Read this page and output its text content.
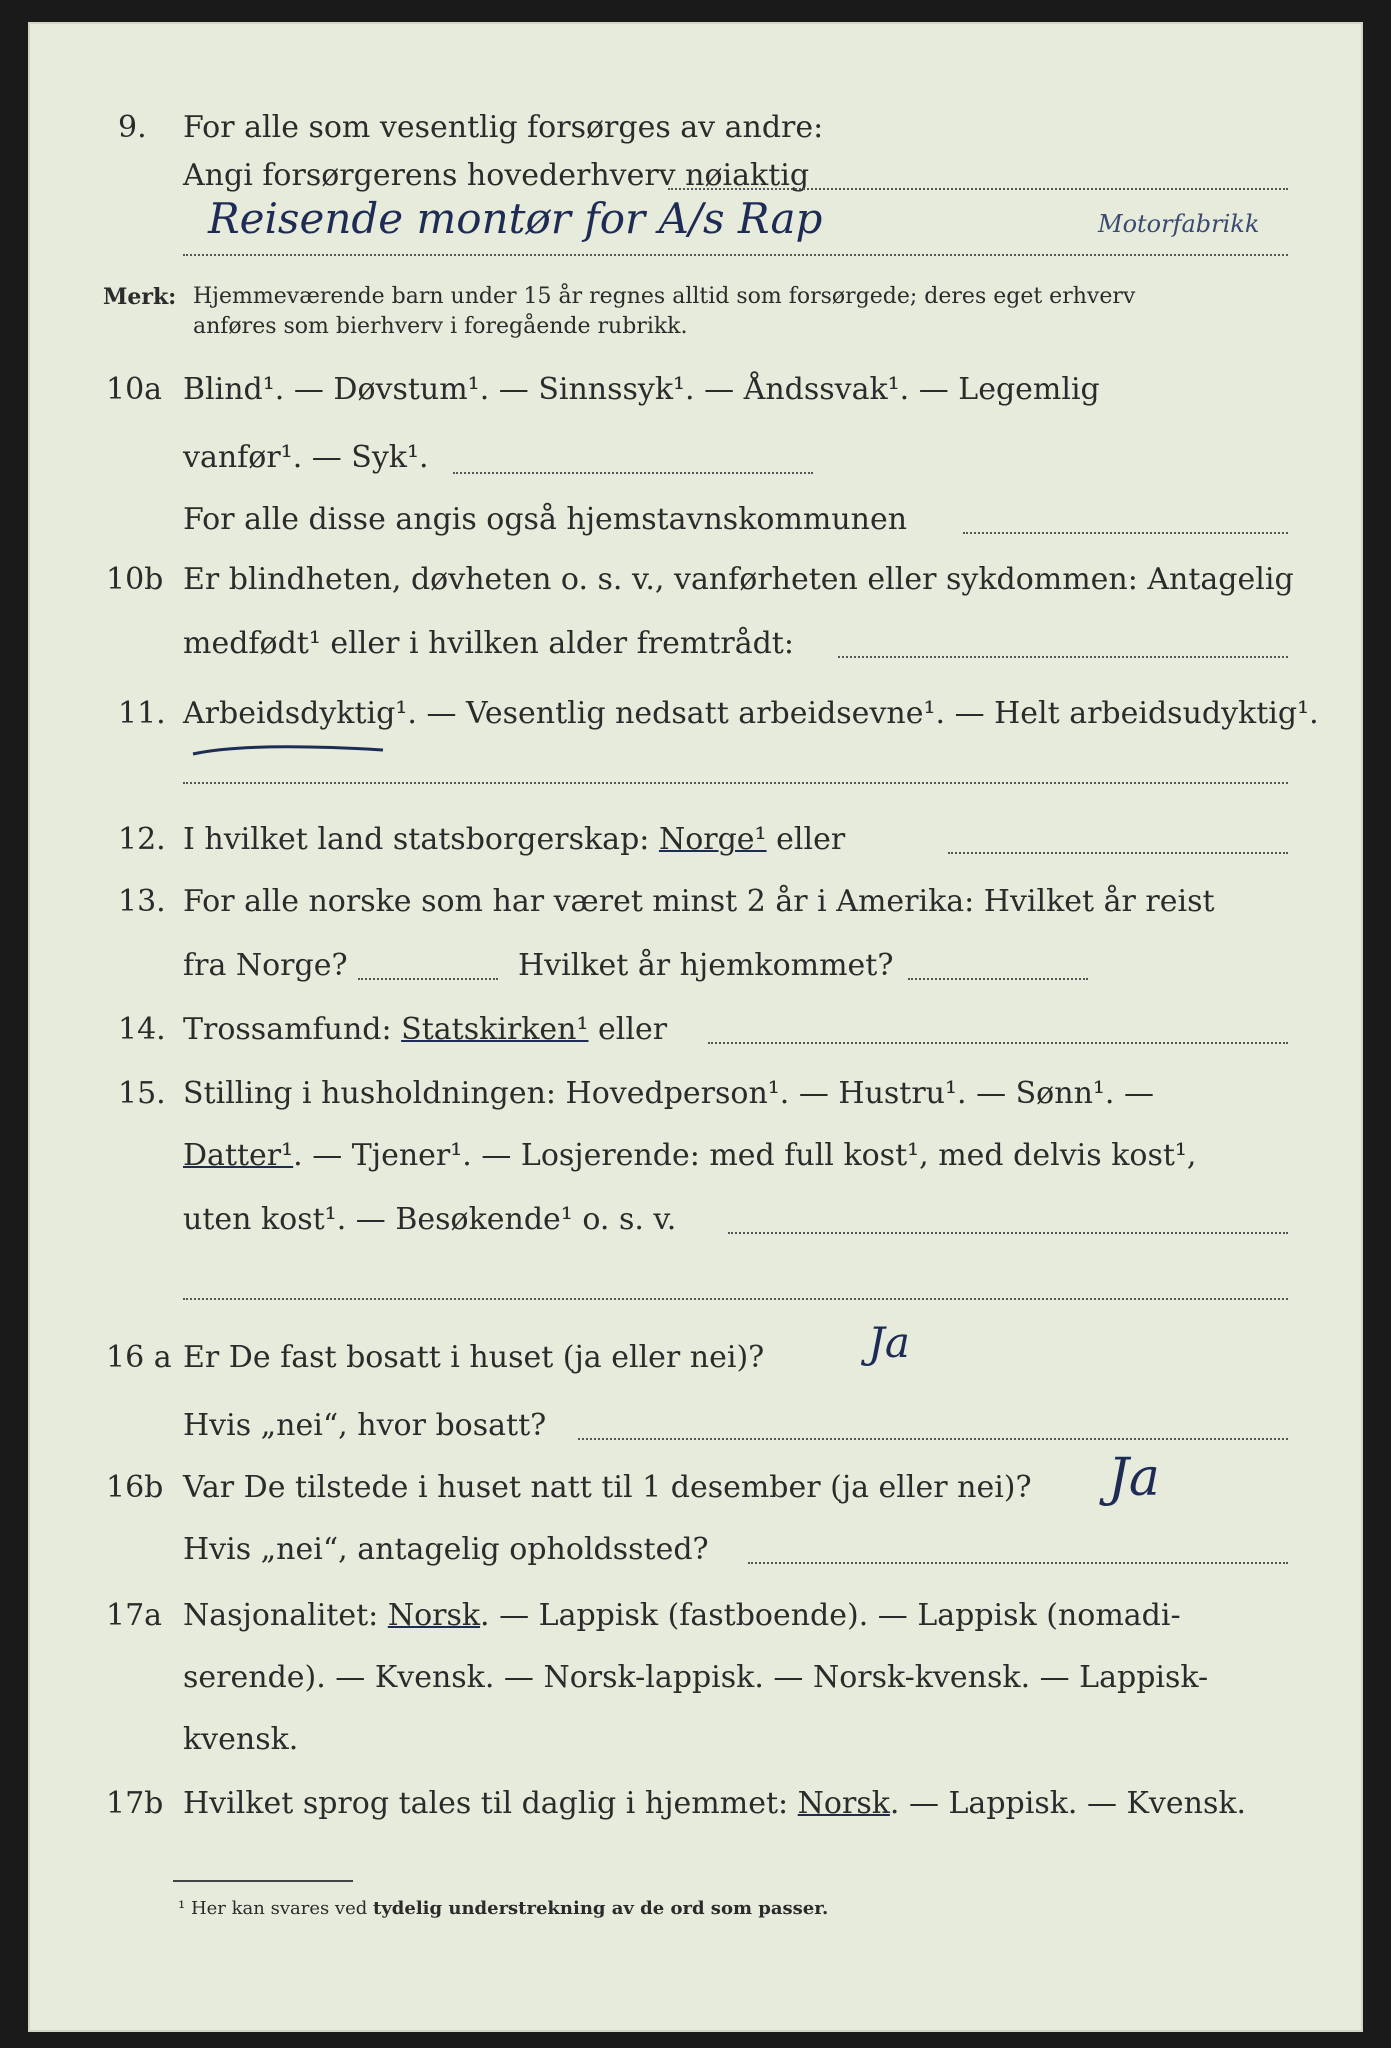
9. For alle som vesentlig forsørges av andre:
Angi forsørgerens hovederhverv nøiaktig
Reisende montør for A/s Rap	Motorfabrikk
Merk: Hjemmeværende barn under 15 år regnes alltid som forsørgede; deres eget erhverv
anføres som bierhverv i foregående rubrikk.
10a Blind¹. — Døvstum¹. — Sinnssyk¹. — Åndssvak¹. — Legemlig
vanfør¹. — Syk¹.
For alle disse angis også hjemstavnskommunen
10b Er blindheten, døvheten o. s. v., vanførheten eller sykdommen: Antagelig
medfødt¹ eller i hvilken alder fremtrådt:
11. Arbeidsdyktig¹. — Vesentlig nedsatt arbeidsevne¹. — Helt arbeidsudyktig¹.
12. I hvilket land statsborgerskap: Norge¹ eller
13. For alle norske som har været minst 2 år i Amerika: Hvilket år reist
fra Norge?	Hvilket år hjemkommet?
14. Trossamfund: Statskirken¹ eller
15. Stilling i husholdningen: Hovedperson¹. — Hustru¹. — Sønn¹. —
Datter¹. — Tjener¹. — Losjerende: med full kost¹, med delvis kost¹,
uten kost¹. — Besøkende¹ o. s. v.
16 a Er De fast bosatt i huset (ja eller nei)? Ja
Hvis „nei“, hvor bosatt?
16b Var De tilstede i huset natt til 1 desember (ja eller nei)? Ja
Hvis „nei“, antagelig opholdssted?
17a Nasjonalitet: Norsk. — Lappisk (fastboende). — Lappisk (nomadi-
serende). — Kvensk. — Norsk-lappisk. — Norsk-kvensk. — Lappisk-
kvensk.
17b Hvilket sprog tales til daglig i hjemmet: Norsk. — Lappisk. — Kvensk.
¹ Her kan svares ved tydelig understrekning av de ord som passer.
